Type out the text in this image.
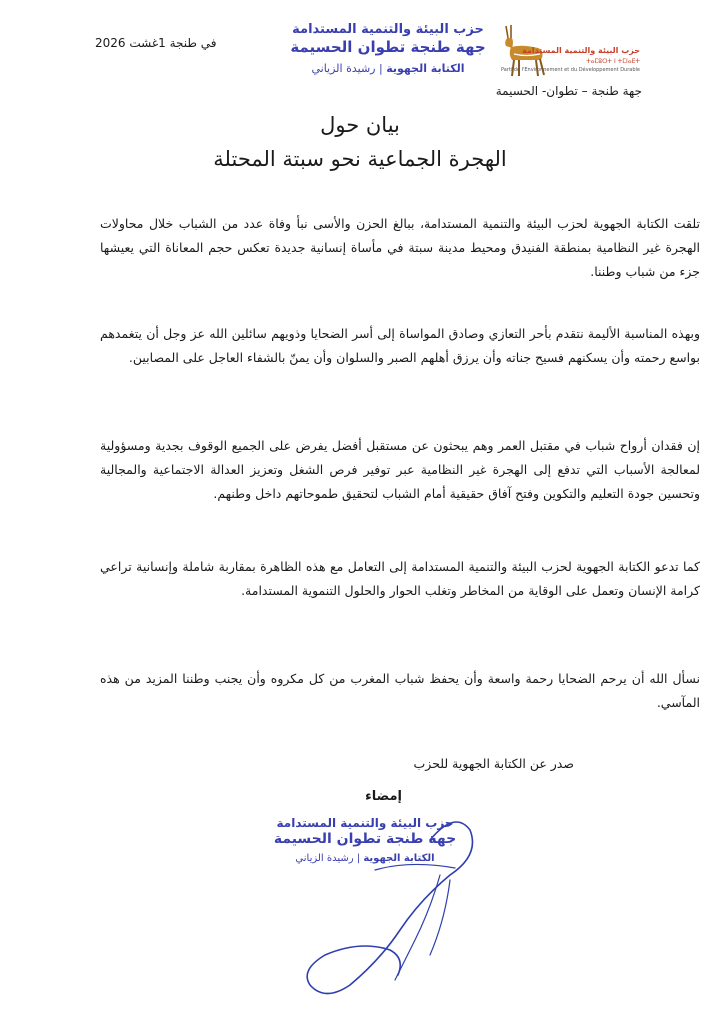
في طنجة 1غشت 2026
حزب البيئة والتنمية المستدامة
جهة طنجة تطوان الحسيمة
الكتابة الجهوية | رشيدة الزياني
حزب البيئة والتنمية المستدامة
ⵜⴰⵎⵓⵔⵜ ⵏ ⵜⵎⵏⴰⴹⵜ
Parti de l'Environnement et du Développement Durable
جهة طنجة – تطوان- الحسيمة
بيان حول
الهجرة الجماعية نحو سبتة المحتلة
تلقت الكتابة الجهوية لحزب البيئة والتنمية المستدامة، ببالغ الحزن والأسى نبأ وفاة عدد من الشباب خلال محاولات الهجرة غير النظامية بمنطقة الفنيدق ومحيط مدينة سبتة في مأساة إنسانية جديدة تعكس حجم المعاناة التي يعيشها جزء من شباب وطننا.
وبهذه المناسبة الأليمة نتقدم بأحر التعازي وصادق المواساة إلى أسر الضحايا وذويهم سائلين الله عز وجل أن يتغمدهم بواسع رحمته وأن يسكنهم فسيح جناته وأن يرزق أهلهم الصبر والسلوان وأن يمنّ بالشفاء العاجل على المصابين.
إن فقدان أرواح شباب في مقتبل العمر وهم يبحثون عن مستقبل أفضل يفرض على الجميع الوقوف بجدية ومسؤولية لمعالجة الأسباب التي تدفع إلى الهجرة غير النظامية عبر توفير فرص الشغل وتعزيز العدالة الاجتماعية والمجالية وتحسين جودة التعليم والتكوين وفتح آفاق حقيقية أمام الشباب لتحقيق طموحاتهم داخل وطنهم.
كما تدعو الكتابة الجهوية لحزب البيئة والتنمية المستدامة إلى التعامل مع هذه الظاهرة بمقاربة شاملة وإنسانية تراعي كرامة الإنسان وتعمل على الوقاية من المخاطر وتغلب الحوار والحلول التنموية المستدامة.
نسأل الله أن يرحم الضحايا رحمة واسعة وأن يحفظ شباب المغرب من كل مكروه وأن يجنب وطننا المزيد من هذه المآسي.
صدر عن الكتابة الجهوية للحزب
إمضاء
حزب البيئة والتنمية المستدامة
جهة طنجة تطوان الحسيمة
الكتابة الجهوية | رشيدة الزياني
